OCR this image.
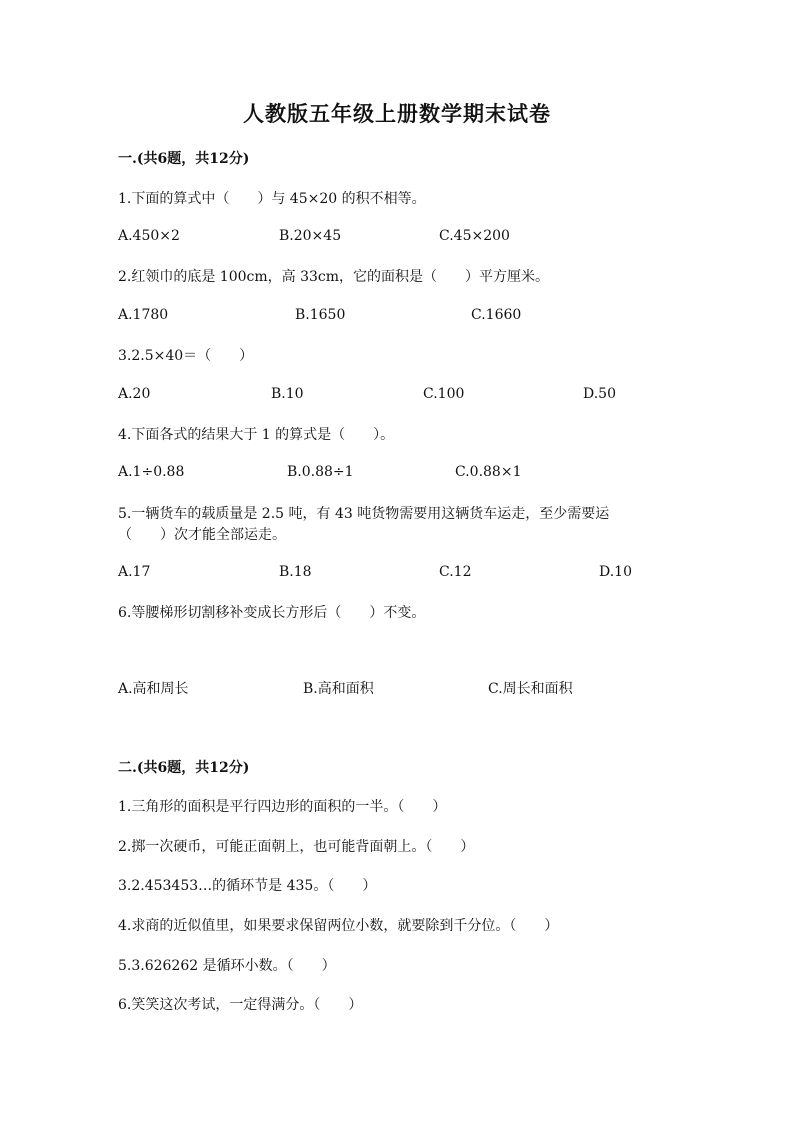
人教版五年级上册数学期末试卷
一.(共6题，共12分)
1.下面的算式中（　　）与 45×20 的积不相等。
A.450×2	B.20×45	C.45×200
2.红领巾的底是 100cm，高 33cm，它的面积是（　　）平方厘米。
A.1780	B.1650	C.1660
3.2.5×40＝（　　）
A.20	B.10	C.100	D.50
4.下面各式的结果大于 1 的算式是（　　）。
A.1÷0.88	B.0.88÷1	C.0.88×1
5.一辆货车的载质量是 2.5 吨，有 43 吨货物需要用这辆货车运走，至少需要运
（　　）次才能全部运走。
A.17	B.18	C.12	D.10
6.等腰梯形切割移补变成长方形后（　　）不变。
A.高和周长	B.高和面积	C.周长和面积
二.(共6题，共12分)
1.三角形的面积是平行四边形的面积的一半。（　　）
2.掷一次硬币，可能正面朝上，也可能背面朝上。（　　）
3.2.453453…的循环节是 435。（　　）
4.求商的近似值里，如果要求保留两位小数，就要除到千分位。（　　）
5.3.626262 是循环小数。（　　）
6.笑笑这次考试，一定得满分。（　　）
